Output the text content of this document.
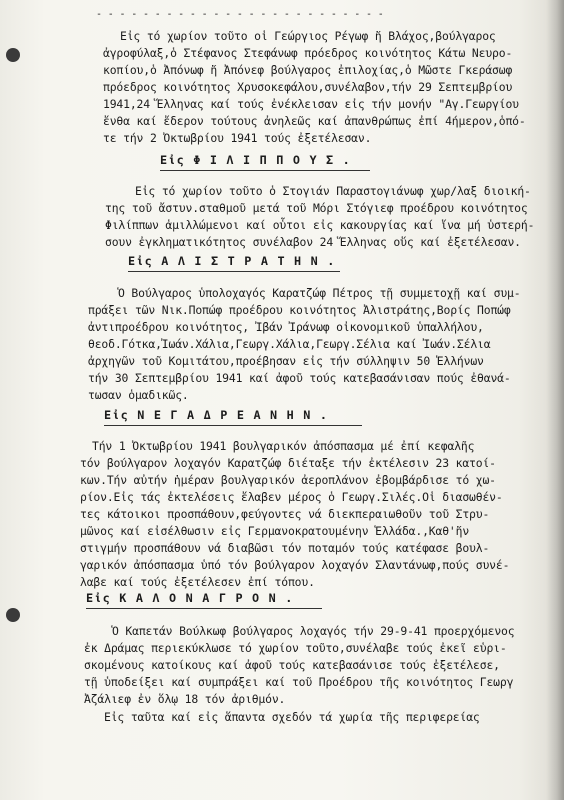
- - - - - - - - - - - - - - - - - - - - - - - - -
Εἰς τό χωρίον τοῦτο οἱ Γεώργιος Ρέγωφ ἤ Βλάχος,βούλγαρος
ἀγροφύλαξ,ὁ Στέφανος Στεφάνωφ πρόεδρος κοινότητος Κάτω Νευρο-
κοπίου,ὁ Ἀπόνωφ ἤ Ἀπόνεφ βούλγαρος ἐπιλοχίας,ὁ Μῶστε Γκεράσωφ
πρόεδρος κοινότητος Χρυσοκεφάλου,συνέλαβον,τήν 29 Σεπτεμβρίου
1941,24 Ἕλληνας καί τούς ἐνέκλεισαν εἰς τήν μονήν "Αγ.Γεωργίου
ἔνθα καί ἔδερον τούτους ἀνηλεῶς καί ἀπανθρώπως ἐπί 4ήμερον,ὁπό-
τε τήν 2 Ὀκτωβρίου 1941 τούς ἐξετέλεσαν.
Εἰς Φ Ι Λ Ι Π Π Ο Υ Σ .
Εἰς τό χωρίον τοῦτο ὁ Στογιάν Παραστογιάνωφ χωρ/λαξ διοική-
της τοῦ ἄστυν.σταθμοῦ μετά τοῦ Μόρι Στόγιεφ προέδρου κοινότητος
Φιλίππων ἁμιλλώμενοι καί οὗτοι εἰς κακουργίας καί ἵνα μή ὑστερή-
σουν ἐγκληματικότητος συνέλαβον 24 Ἕλληνας οὕς καί ἐξετέλεσαν.
Εἰς Α Λ Ι Σ Τ Ρ Α Τ Η Ν .
Ὁ Βούλγαρος ὑπολοχαγός Καρατζώφ Πέτρος τῇ συμμετοχῇ καί συμ-
πράξει τῶν Νικ.Ποπώφ προέδρου κοινότητος Ἀλιστράτης,Βορίς Ποπώφ
ἀντιπροέδρου κοινότητος, Ἰβάν Ἰράνωφ οἰκονομικοῦ ὑπαλλήλου,
θεοδ.Γότκα,Ἰωάν.Χάλια,Γεωργ.Χάλια,Γεωργ.Σέλια καί Ἰωάν.Σέλια
ἀρχηγῶν τοῦ Κομιτάτου,προέβησαν εἰς τήν σύλληψιν 50 Ἑλλήνων
τήν 30 Σεπτεμβρίου 1941 καί ἀφοῦ τούς κατεβασάνισαν πούς ἐθανά-
τωσαν ὁμαδικῶς.
Εἰς Ν Ε Γ Α Δ Ρ Ε Α Ν Η Ν .
Τήν 1 Ὀκτωβρίου 1941 βουλγαρικόν ἀπόσπασμα μέ ἐπί κεφαλῆς
τόν βούλγαρον λοχαγόν Καρατζώφ διέταξε τήν ἐκτέλεσιν 23 κατοί-
κων.Τήν αὐτήν ἡμέραν βουλγαρικόν ἀεροπλάνον ἐβομβάρδισε τό χω-
ρίον.Εἰς τάς ἐκτελέσεις ἔλαβεν μέρος ὁ Γεωργ.Σιλές.Οἱ διασωθέν-
τες κάτοικοι προσπάθουν,φεύγοντες νά διεκπεραιωθοῦν τοῦ Στρυ-
μῶνος καί εἰσέλθωσιν εἰς Γερμανοκρατουμένην Ἑλλάδα.,Καθ'ἥν
στιγμήν προσπάθουν νά διαβῶσι τόν ποταμόν τούς κατέφασε βουλ-
γαρικόν ἀπόσπασμα ὑπό τόν βούλγαρον λοχαγόν Σλαντάνωφ,πούς συνέ-
λαβε καί τούς ἐξετέλεσεν ἐπί τόπου.
Εἰς Κ Α Λ Ο Ν Α Γ Ρ Ο Ν .
Ὁ Καπετάν Βούλκωφ βούλγαρος λοχαγός τήν 29-9-41 προερχόμενος
ἐκ Δράμας περιεκύκλωσε τό χωρίον τοῦτο,συνέλαβε τούς ἐκεῖ εὑρι-
σκομένους κατοίκους καί ἀφοῦ τούς κατεβασάνισε τούς ἐξετέλεσε,
τῇ ὑποδείξει καί συμπράξει καί τοῦ Προέδρου τῆς κοινότητος Γεωργ
Ἀζάλιεφ ἐν ὅλῳ 18 τόν ἀριθμόν.
Εἰς ταῦτα καί εἰς ἅπαντα σχεδόν τά χωρία τῆς περιφερείας
